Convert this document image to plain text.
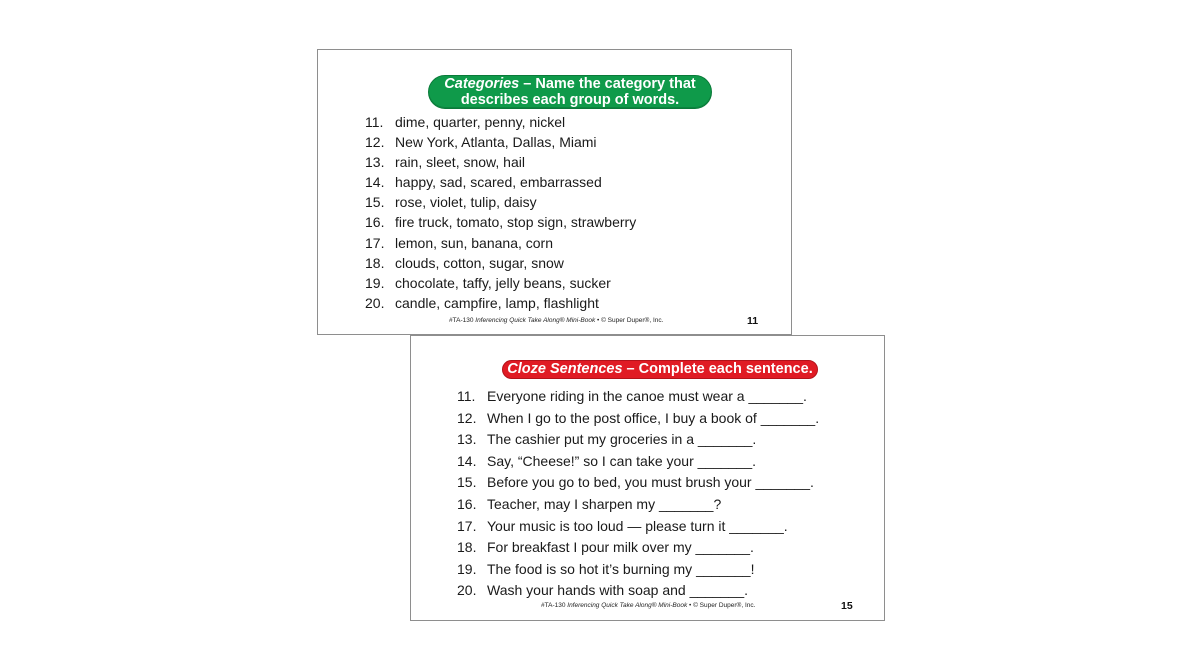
Categories – Name the category that describes each group of words.
11. dime, quarter, penny, nickel
12. New York, Atlanta, Dallas, Miami
13. rain, sleet, snow, hail
14. happy, sad, scared, embarrassed
15. rose, violet, tulip, daisy
16. fire truck, tomato, stop sign, strawberry
17. lemon, sun, banana, corn
18. clouds, cotton, sugar, snow
19. chocolate, taffy, jelly beans, sucker
20. candle, campfire, lamp, flashlight
#TA-130 Inferencing Quick Take Along® Mini-Book • © Super Duper®, Inc.	11
Cloze Sentences – Complete each sentence.
11. Everyone riding in the canoe must wear a _______.
12. When I go to the post office, I buy a book of _______.
13. The cashier put my groceries in a _______.
14. Say, “Cheese!” so I can take your _______.
15. Before you go to bed, you must brush your _______.
16. Teacher, may I sharpen my _______?
17. Your music is too loud — please turn it _______.
18. For breakfast I pour milk over my _______.
19. The food is so hot it’s burning my _______!
20. Wash your hands with soap and _______.
#TA-130 Inferencing Quick Take Along® Mini-Book • © Super Duper®, Inc.	15
